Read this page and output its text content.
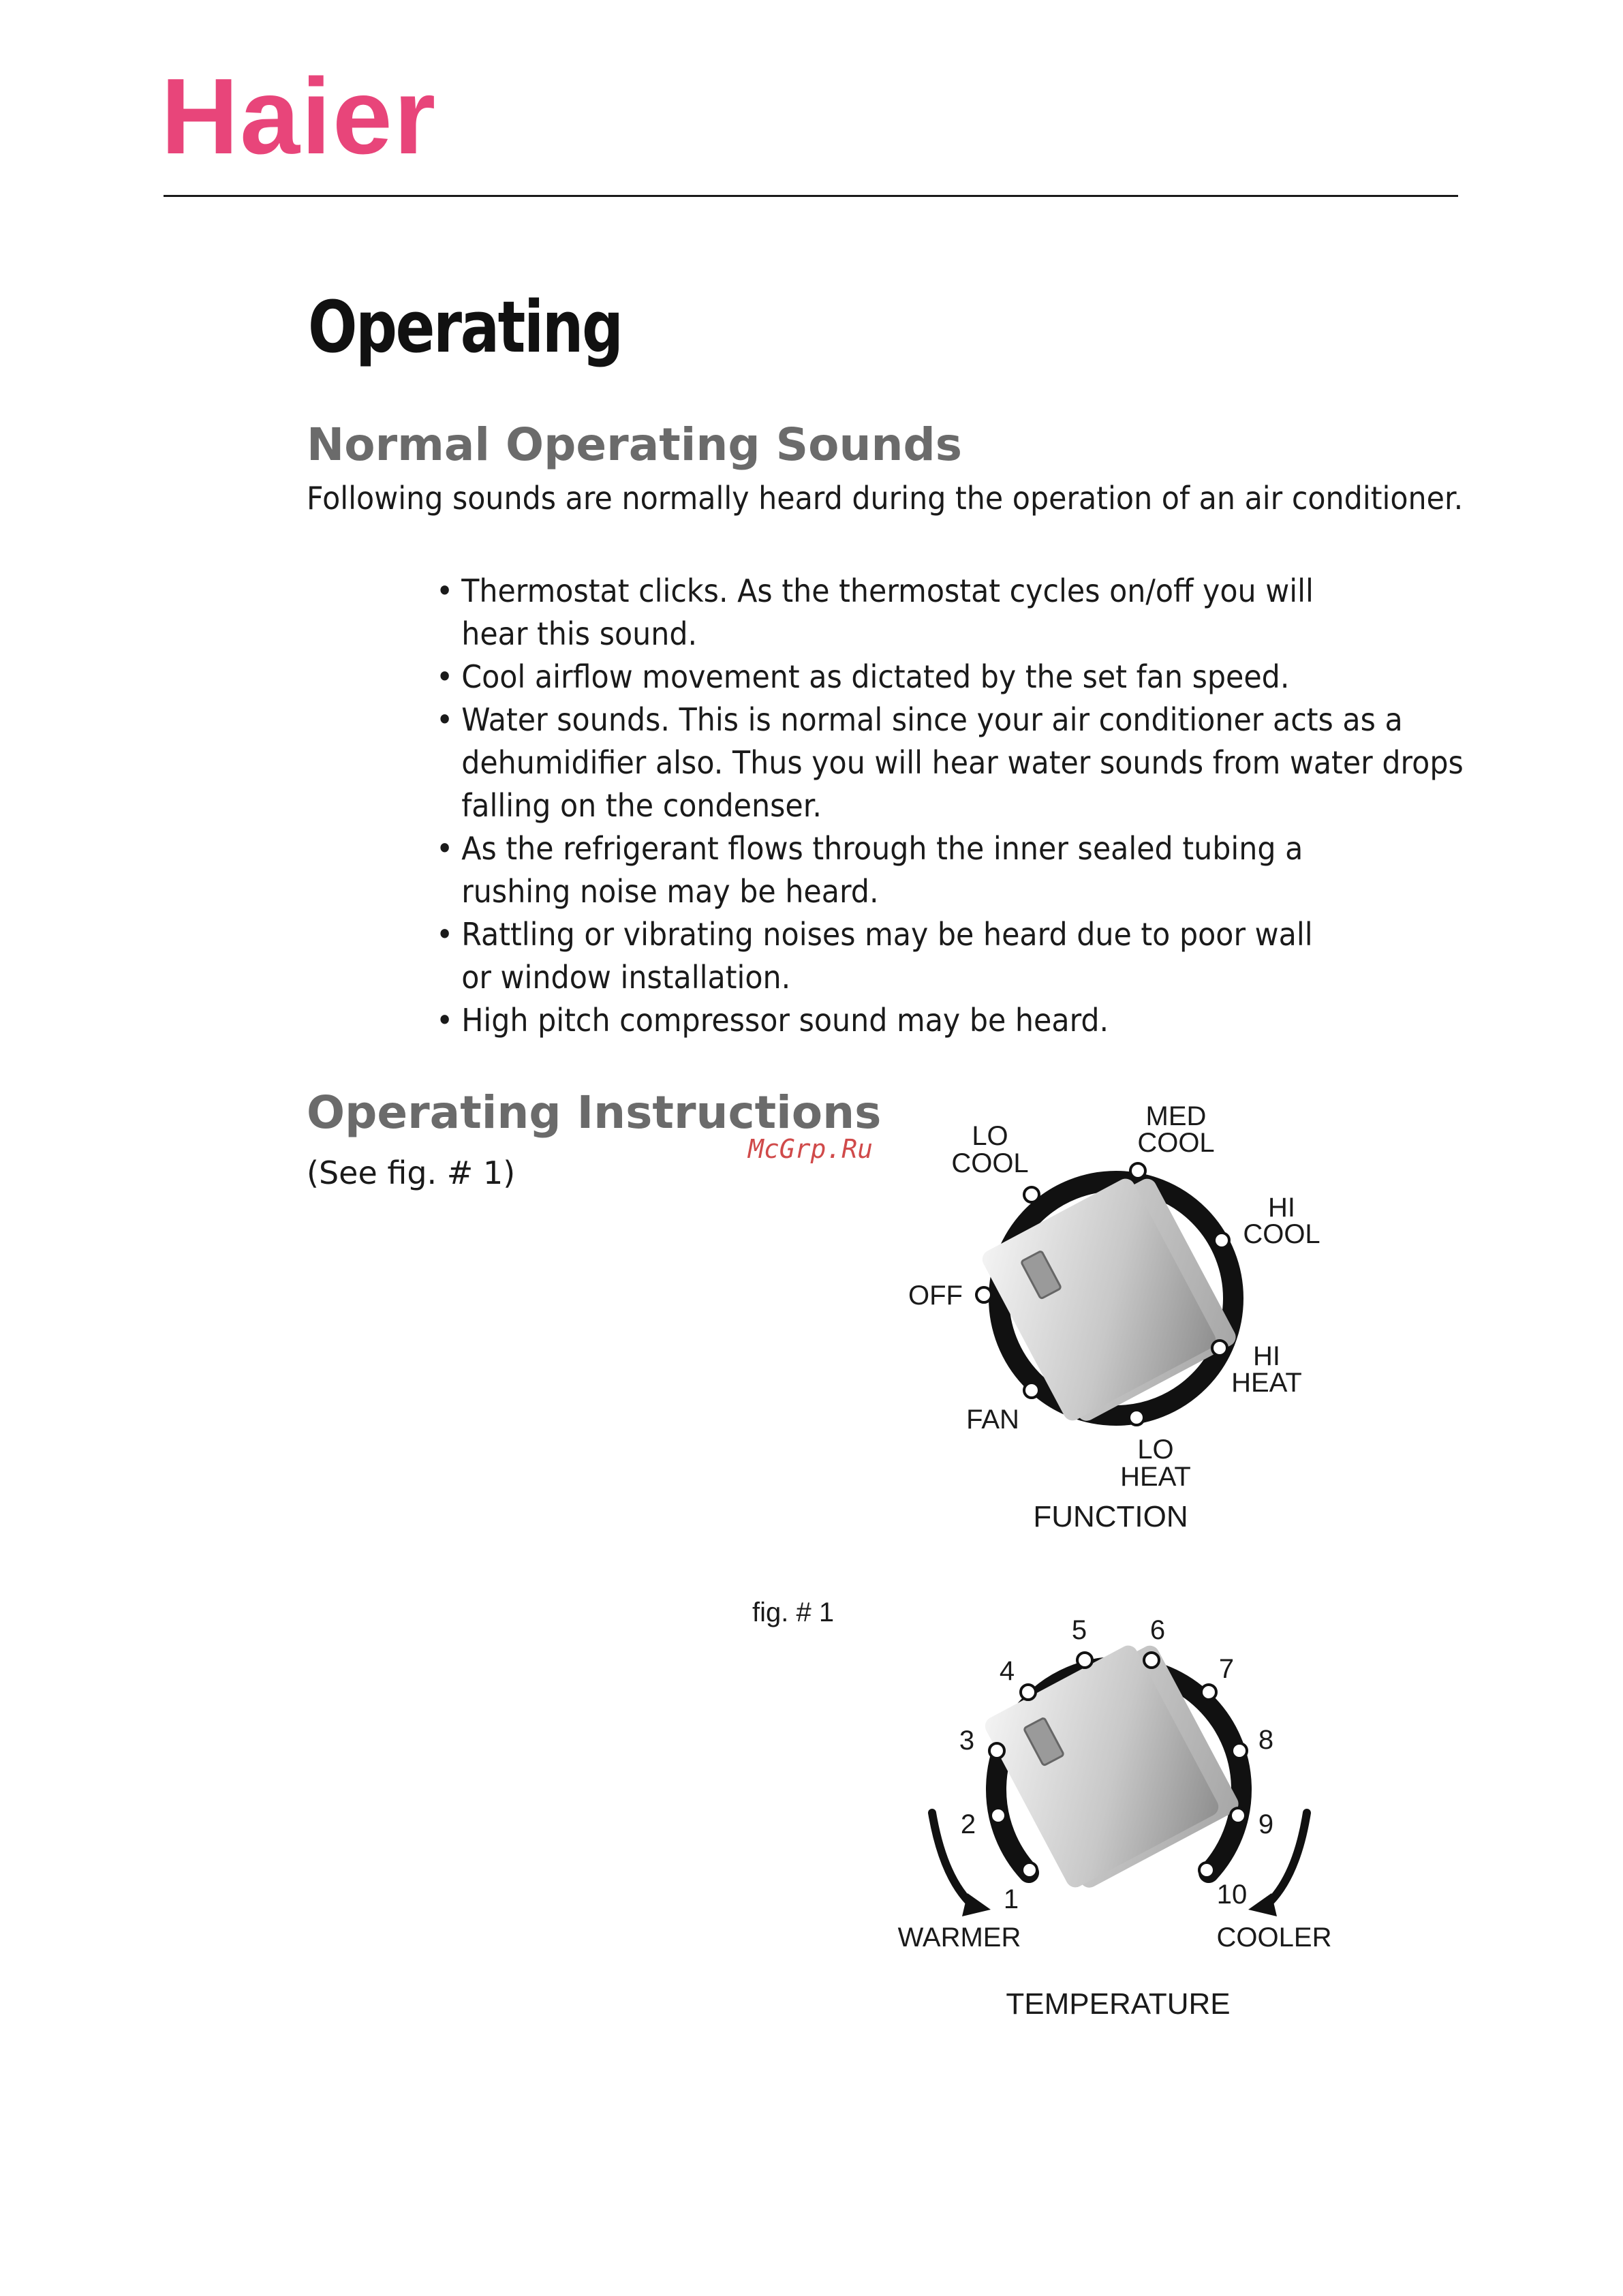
Haier
Operating
Normal Operating Sounds
Following sounds are normally heard during the operation of an air conditioner.
• Thermostat clicks. As the thermostat cycles on/off you will
hear this sound.
• Cool airflow movement as dictated by the set fan speed.
• Water sounds. This is normal since your air conditioner acts as a
dehumidifier also. Thus you will hear water sounds from water drops
falling on the condenser.
• As the refrigerant flows through the inner sealed tubing a
rushing noise may be heard.
• Rattling or vibrating noises may be heard due to poor wall
or window installation.
• High pitch compressor sound may be heard.
Operating Instructions
(See fig. # 1)
McGrp.Ru
fig. # 1
LO
COOL
MED
COOL
HI
COOL
OFF
HI
HEAT
FAN
LO
HEAT
FUNCTION
1
2
3
4
5 6
7
8
9
10
WARMER	COOLER
TEMPERATURE
